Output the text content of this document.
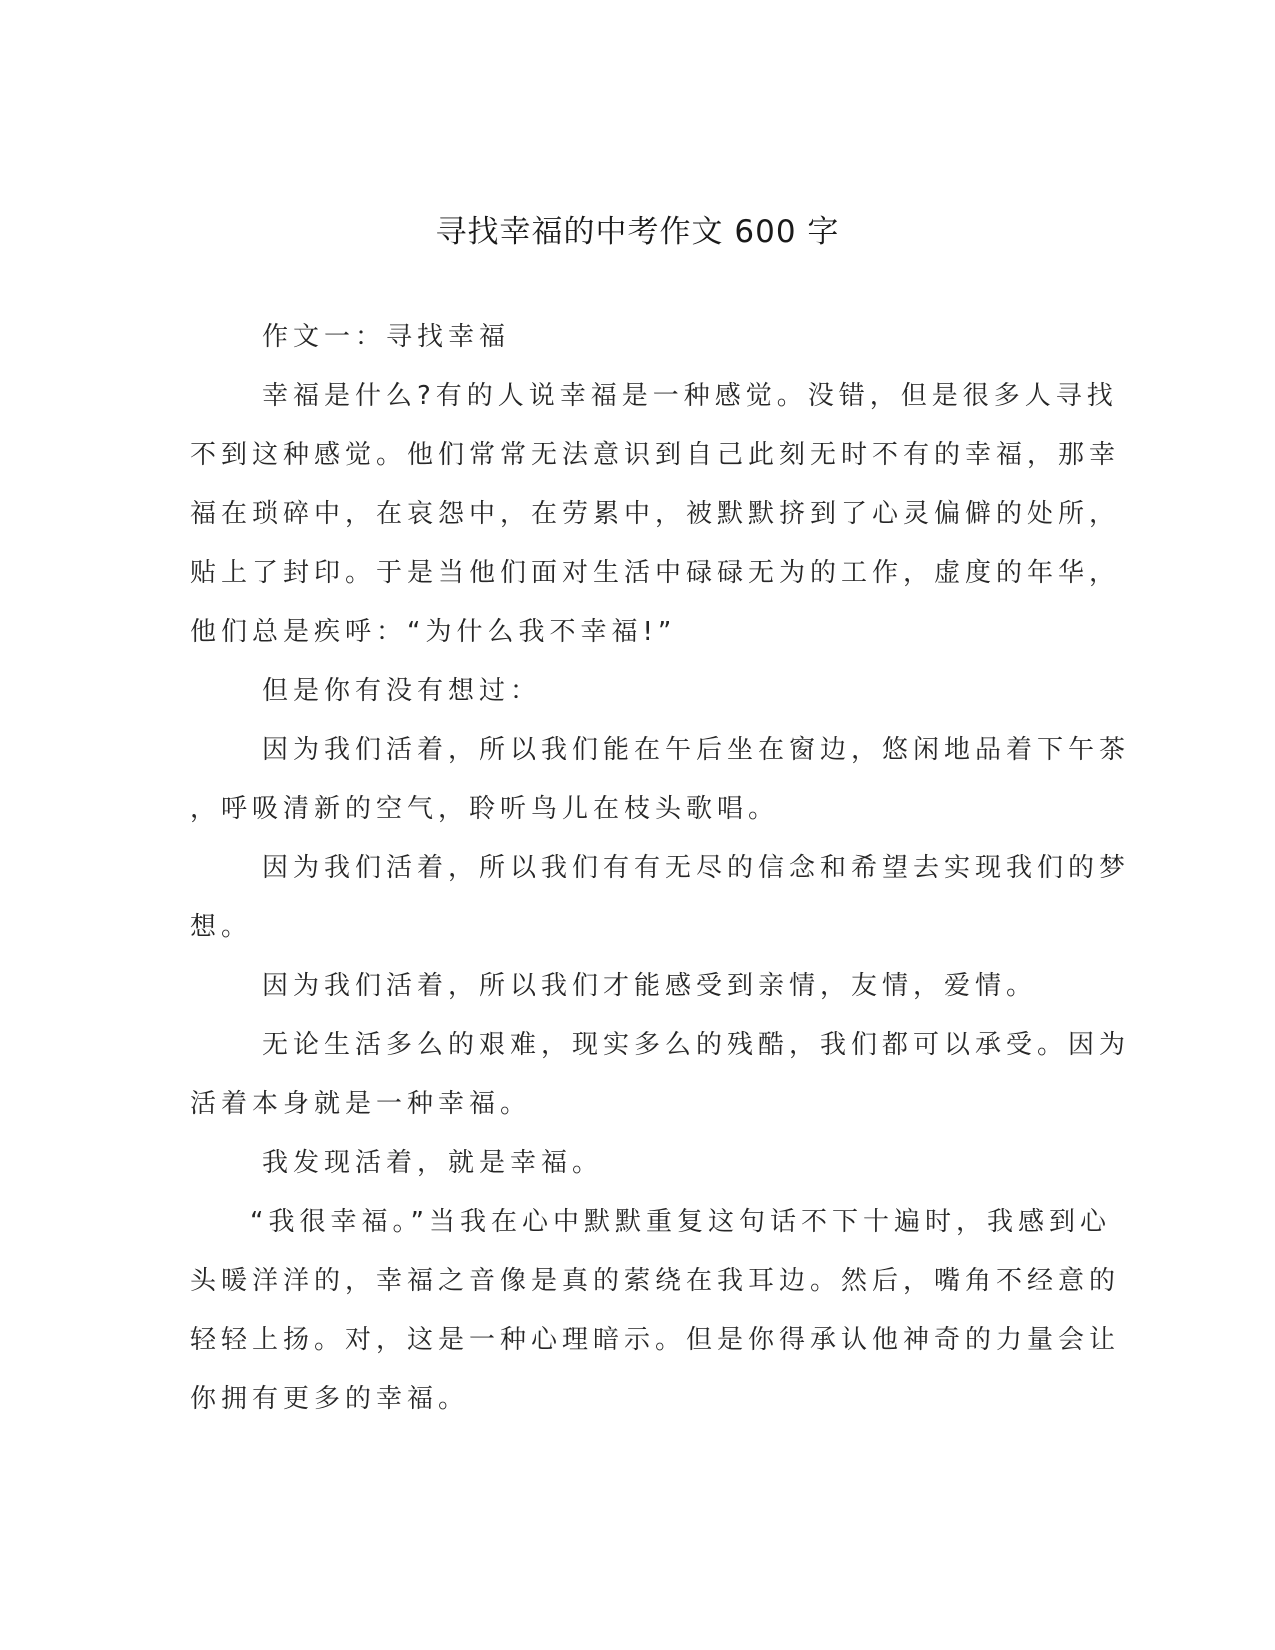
寻找幸福的中考作文 600 字
作文一：寻找幸福
幸福是什么?有的人说幸福是一种感觉。没错，但是很多人寻找
不到这种感觉。他们常常无法意识到自己此刻无时不有的幸福，那幸
福在琐碎中，在哀怨中，在劳累中，被默默挤到了心灵偏僻的处所，
贴上了封印。于是当他们面对生活中碌碌无为的工作，虚度的年华，
他们总是疾呼：“为什么我不幸福!”
但是你有没有想过：
因为我们活着，所以我们能在午后坐在窗边，悠闲地品着下午茶
，呼吸清新的空气，聆听鸟儿在枝头歌唱。
因为我们活着，所以我们有有无尽的信念和希望去实现我们的梦
想。
因为我们活着，所以我们才能感受到亲情，友情，爱情。
无论生活多么的艰难，现实多么的残酷，我们都可以承受。因为
活着本身就是一种幸福。
我发现活着，就是幸福。
“我很幸福。”当我在心中默默重复这句话不下十遍时，我感到心
头暖洋洋的，幸福之音像是真的萦绕在我耳边。然后，嘴角不经意的
轻轻上扬。对，这是一种心理暗示。但是你得承认他神奇的力量会让
你拥有更多的幸福。
